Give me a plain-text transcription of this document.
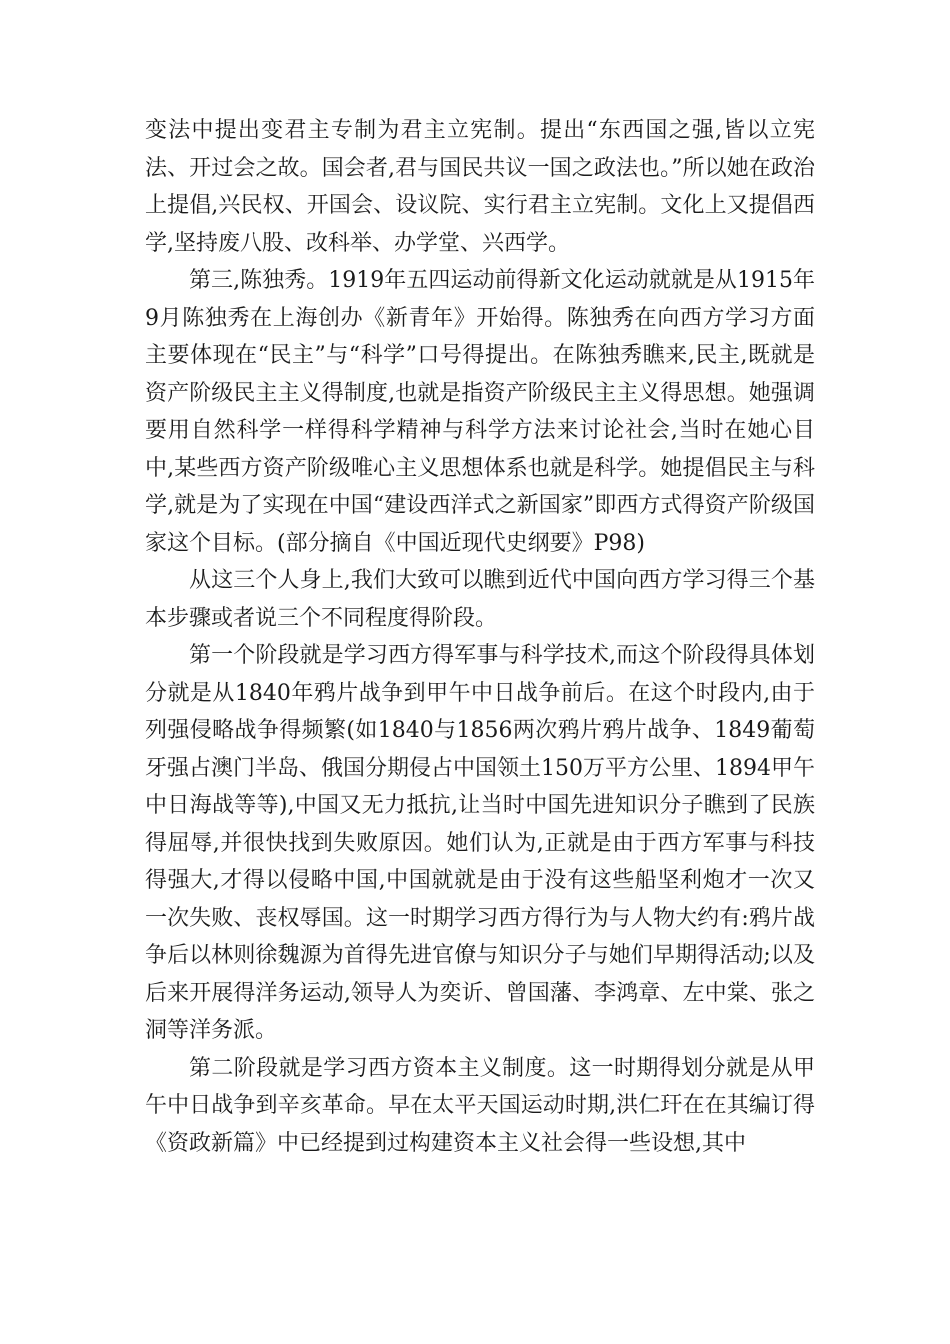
变法中提出变君主专制为君主立宪制。提出“东西国之强,皆以立宪法、开过会之故。国会者,君与国民共议一国之政法也。”所以她在政治上提倡,兴民权、开国会、设议院、实行君主立宪制。文化上又提倡西学,坚持废八股、改科举、办学堂、兴西学。

第三,陈独秀。1919年五四运动前得新文化运动就就是从1915年9月陈独秀在上海创办《新青年》开始得。陈独秀在向西方学习方面主要体现在“民主”与“科学”口号得提出。在陈独秀瞧来,民主,既就是资产阶级民主主义得制度,也就是指资产阶级民主主义得思想。她强调要用自然科学一样得科学精神与科学方法来讨论社会,当时在她心目中,某些西方资产阶级唯心主义思想体系也就是科学。她提倡民主与科学,就是为了实现在中国“建设西洋式之新国家”即西方式得资产阶级国家这个目标。(部分摘自《中国近现代史纲要》P98)

从这三个人身上,我们大致可以瞧到近代中国向西方学习得三个基本步骤或者说三个不同程度得阶段。

第一个阶段就是学习西方得军事与科学技术,而这个阶段得具体划分就是从1840年鸦片战争到甲午中日战争前后。在这个时段内,由于列强侵略战争得频繁(如1840与1856两次鸦片鸦片战争、1849葡萄牙强占澳门半岛、俄国分期侵占中国领土150万平方公里、1894甲午中日海战等等),中国又无力抵抗,让当时中国先进知识分子瞧到了民族得屈辱,并很快找到失败原因。她们认为,正就是由于西方军事与科技得强大,才得以侵略中国,中国就就是由于没有这些船坚利炮才一次又一次失败、丧权辱国。这一时期学习西方得行为与人物大约有:鸦片战争后以林则徐魏源为首得先进官僚与知识分子与她们早期得活动;以及后来开展得洋务运动,领导人为奕䜣、曾国藩、李鸿章、左中棠、张之洞等洋务派。

第二阶段就是学习西方资本主义制度。这一时期得划分就是从甲午中日战争到辛亥革命。早在太平天国运动时期,洪仁玕在在其编订得《资政新篇》中已经提到过构建资本主义社会得一些设想,其中
